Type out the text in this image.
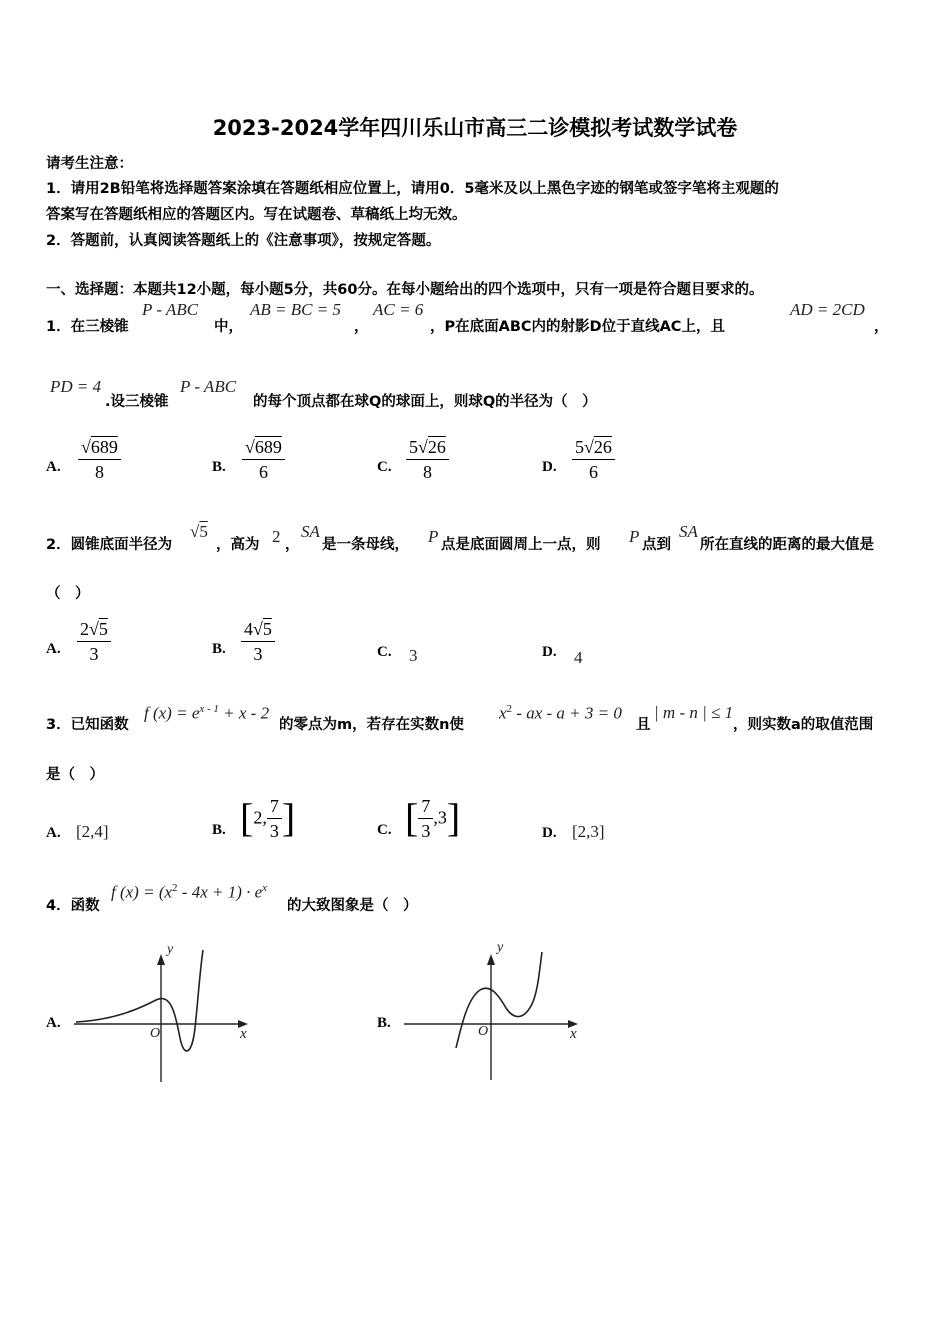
2023-2024学年四川乐山市高三二诊模拟考试数学试卷
请考生注意：
1．请用2B铅笔将选择题答案涂填在答题纸相应位置上，请用0．5毫米及以上黑色字迹的钢笔或签字笔将主观题的
答案写在答题纸相应的答题区内。写在试题卷、草稿纸上均无效。
2．答题前，认真阅读答题纸上的《注意事项》，按规定答题。
一、选择题：本题共12小题，每小题5分，共60分。在每小题给出的四个选项中，只有一项是符合题目要求的。
1．在三棱锥
P - ABC
中，
AB = BC = 5
，
AC = 6
，P在底面ABC内的射影D位于直线AC上，且
AD = 2CD
，
PD = 4
.设三棱锥
P - ABC
的每个顶点都在球Q的球面上，则球Q的半径为（　）
A. $\frac{√689}{8}$	B. $\frac{√689}{6}$	C. $\frac{5√26}{8}$	D. $\frac{5√26}{6}$
2．圆锥底面半径为
√5
，高为 2 ，
SA
是一条母线， P 点是底面圆周上一点，则 P 点到
SA
所在直线的距离的最大值是
（　）
A. $\frac{2√5}{3}$	B. $\frac{4√5}{3}$	C. 3	D. 4
3．已知函数
f $(x) = e^{x - 1} + x - 2$
的零点为m，若存在实数n使
$x^2$ - ax - a + 3 = 0
且
| m - n | ≤ 1
，则实数a的取值范围
是（　）
A. [2,4]	B. [2, $\frac{7}{3}$ ]	C. [ $\frac{7}{3} ,3$]	D. [2,3]
4．函数
f $(x) = (x^2 - 4x + 1) \cdot e^x$
的大致图象是（　）
A.
y
x
O
B.
y
x
O
